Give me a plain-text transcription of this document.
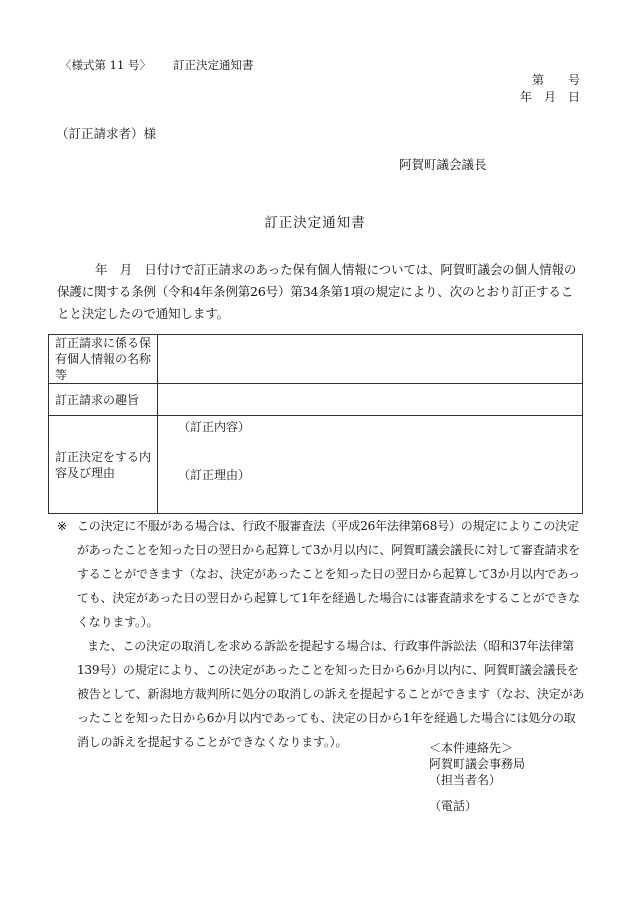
〈様式第 11 号〉 訂正決定通知書
第　　号
年　月　日
（訂正請求者）様
阿賀町議会議長
訂正決定通知書
年　月　日付けで訂正請求のあった保有個人情報については、阿賀町議会の個人情報の保護に関する条例（令和4年条例第26号）第34条第1項の規定により、次のとおり訂正することと決定したので通知します。
訂正請求に係る保有個人情報の名称等	
訂正請求の趣旨	
訂正決定をする内容及び理由	（訂正内容）
（訂正理由）
※ この決定に不服がある場合は、行政不服審査法（平成26年法律第68号）の規定によりこの決定があったことを知った日の翌日から起算して3か月以内に、阿賀町議会議長に対して審査請求をすることができます（なお、決定があったことを知った日の翌日から起算して3か月以内であっても、決定があった日の翌日から起算して1年を経過した場合には審査請求をすることができなくなります。）。

また、この決定の取消しを求める訴訟を提起する場合は、行政事件訴訟法（昭和37年法律第139号）の規定により、この決定があったことを知った日から6か月以内に、阿賀町議会議長を被告として、新潟地方裁判所に処分の取消しの訴えを提起することができます（なお、決定があったことを知った日から6か月以内であっても、決定の日から1年を経過した場合には処分の取消しの訴えを提起することができなくなります。）。	＜本件連絡先＞
阿賀町議会事務局
（担当者名）
（電話）
